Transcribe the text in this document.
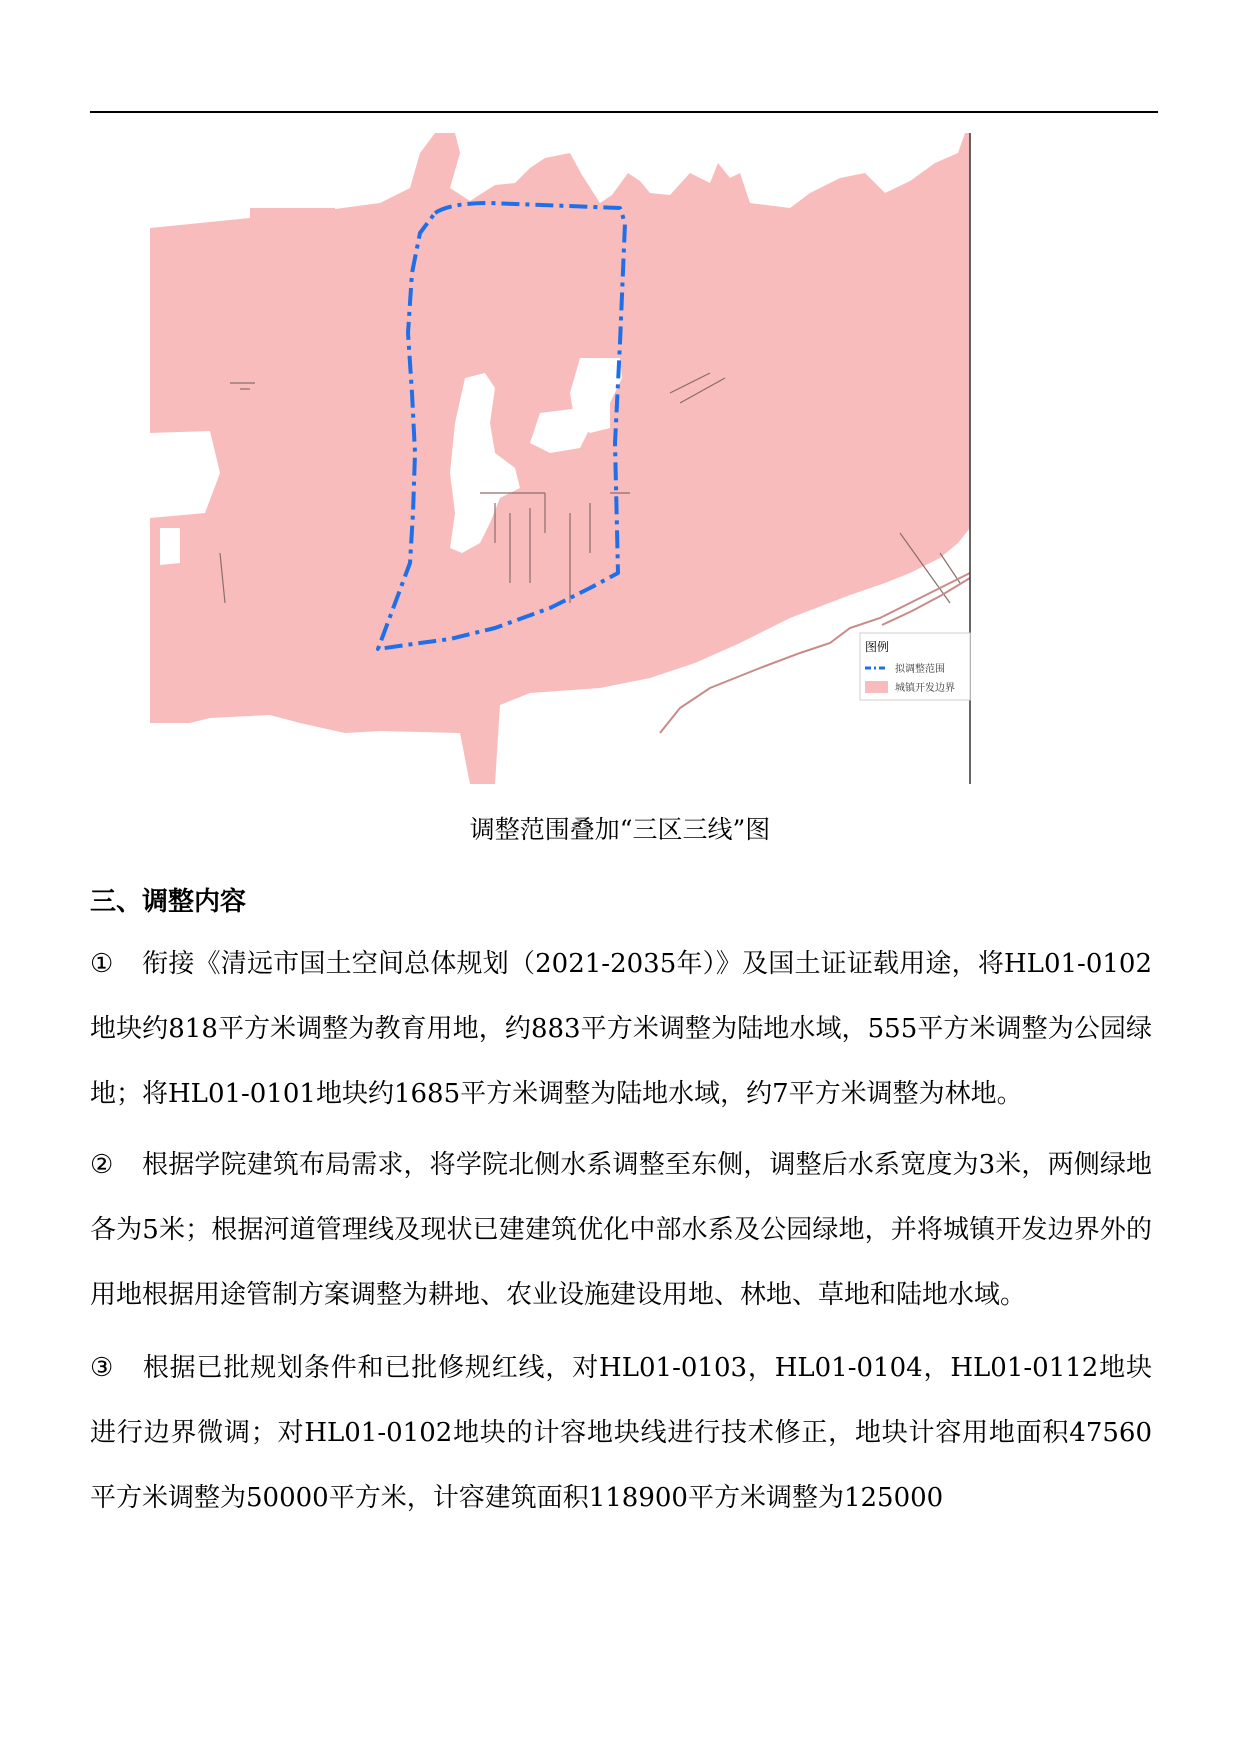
图例
拟调整范围
城镇开发边界
调整范围叠加“三区三线”图
三、调整内容

① 衔接《清远市国土空间总体规划（2021-2035年）》及国土证证载用途，将HL01-0102地块约818平方米调整为教育用地，约883平方米调整为陆地水域，555平方米调整为公园绿地；将HL01-0101地块约1685平方米调整为陆地水域，约7平方米调整为林地。

② 根据学院建筑布局需求，将学院北侧水系调整至东侧，调整后水系宽度为3米，两侧绿地各为5米；根据河道管理线及现状已建建筑优化中部水系及公园绿地，并将城镇开发边界外的用地根据用途管制方案调整为耕地、农业设施建设用地、林地、草地和陆地水域。

③ 根据已批规划条件和已批修规红线，对HL01-0103，HL01-0104，HL01-0112地块进行边界微调；对HL01-0102地块的计容地块线进行技术修正，地块计容用地面积47560平方米调整为50000平方米，计容建筑面积118900平方米调整为125000
